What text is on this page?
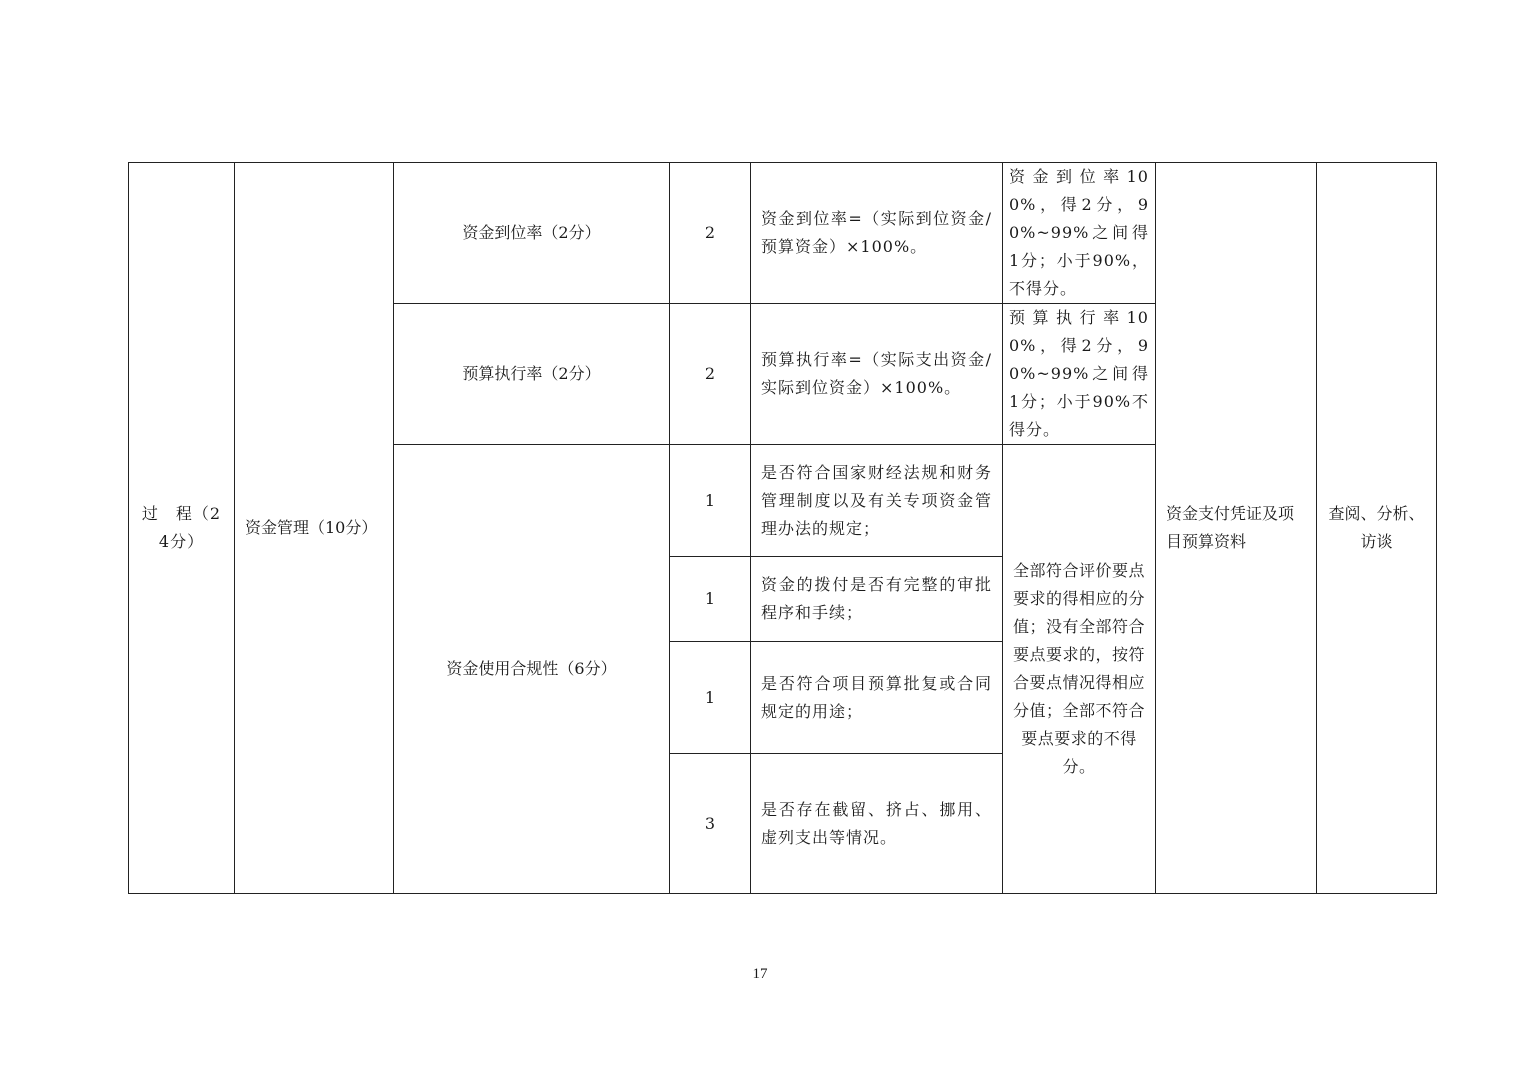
过　程（24分）	资金管理（10分）	资金到位率（2分）	2	资金到位率=（实际到位资金/预算资金）×100%。	资金到位率100%，得2分，90%~99%之间得1分；小于90%，不得分。	资金支付凭证及项目预算资料	查阅、分析、访谈
		预算执行率（2分）	2	预算执行率=（实际支出资金/实际到位资金）×100%。	预算执行率100%，得2分，90%~99%之间得1分；小于90%不得分。		
		资金使用合规性（6分）	1	是否符合国家财经法规和财务管理制度以及有关专项资金管理办法的规定；	全部符合评价要点要求的得相应的分值；没有全部符合要点要求的，按符合要点情况得相应分值；全部不符合要点要求的不得分。		
			1	资金的拨付是否有完整的审批程序和手续；			
			1	是否符合项目预算批复或合同规定的用途；			
			3	是否存在截留、挤占、挪用、虚列支出等情况。			
17
